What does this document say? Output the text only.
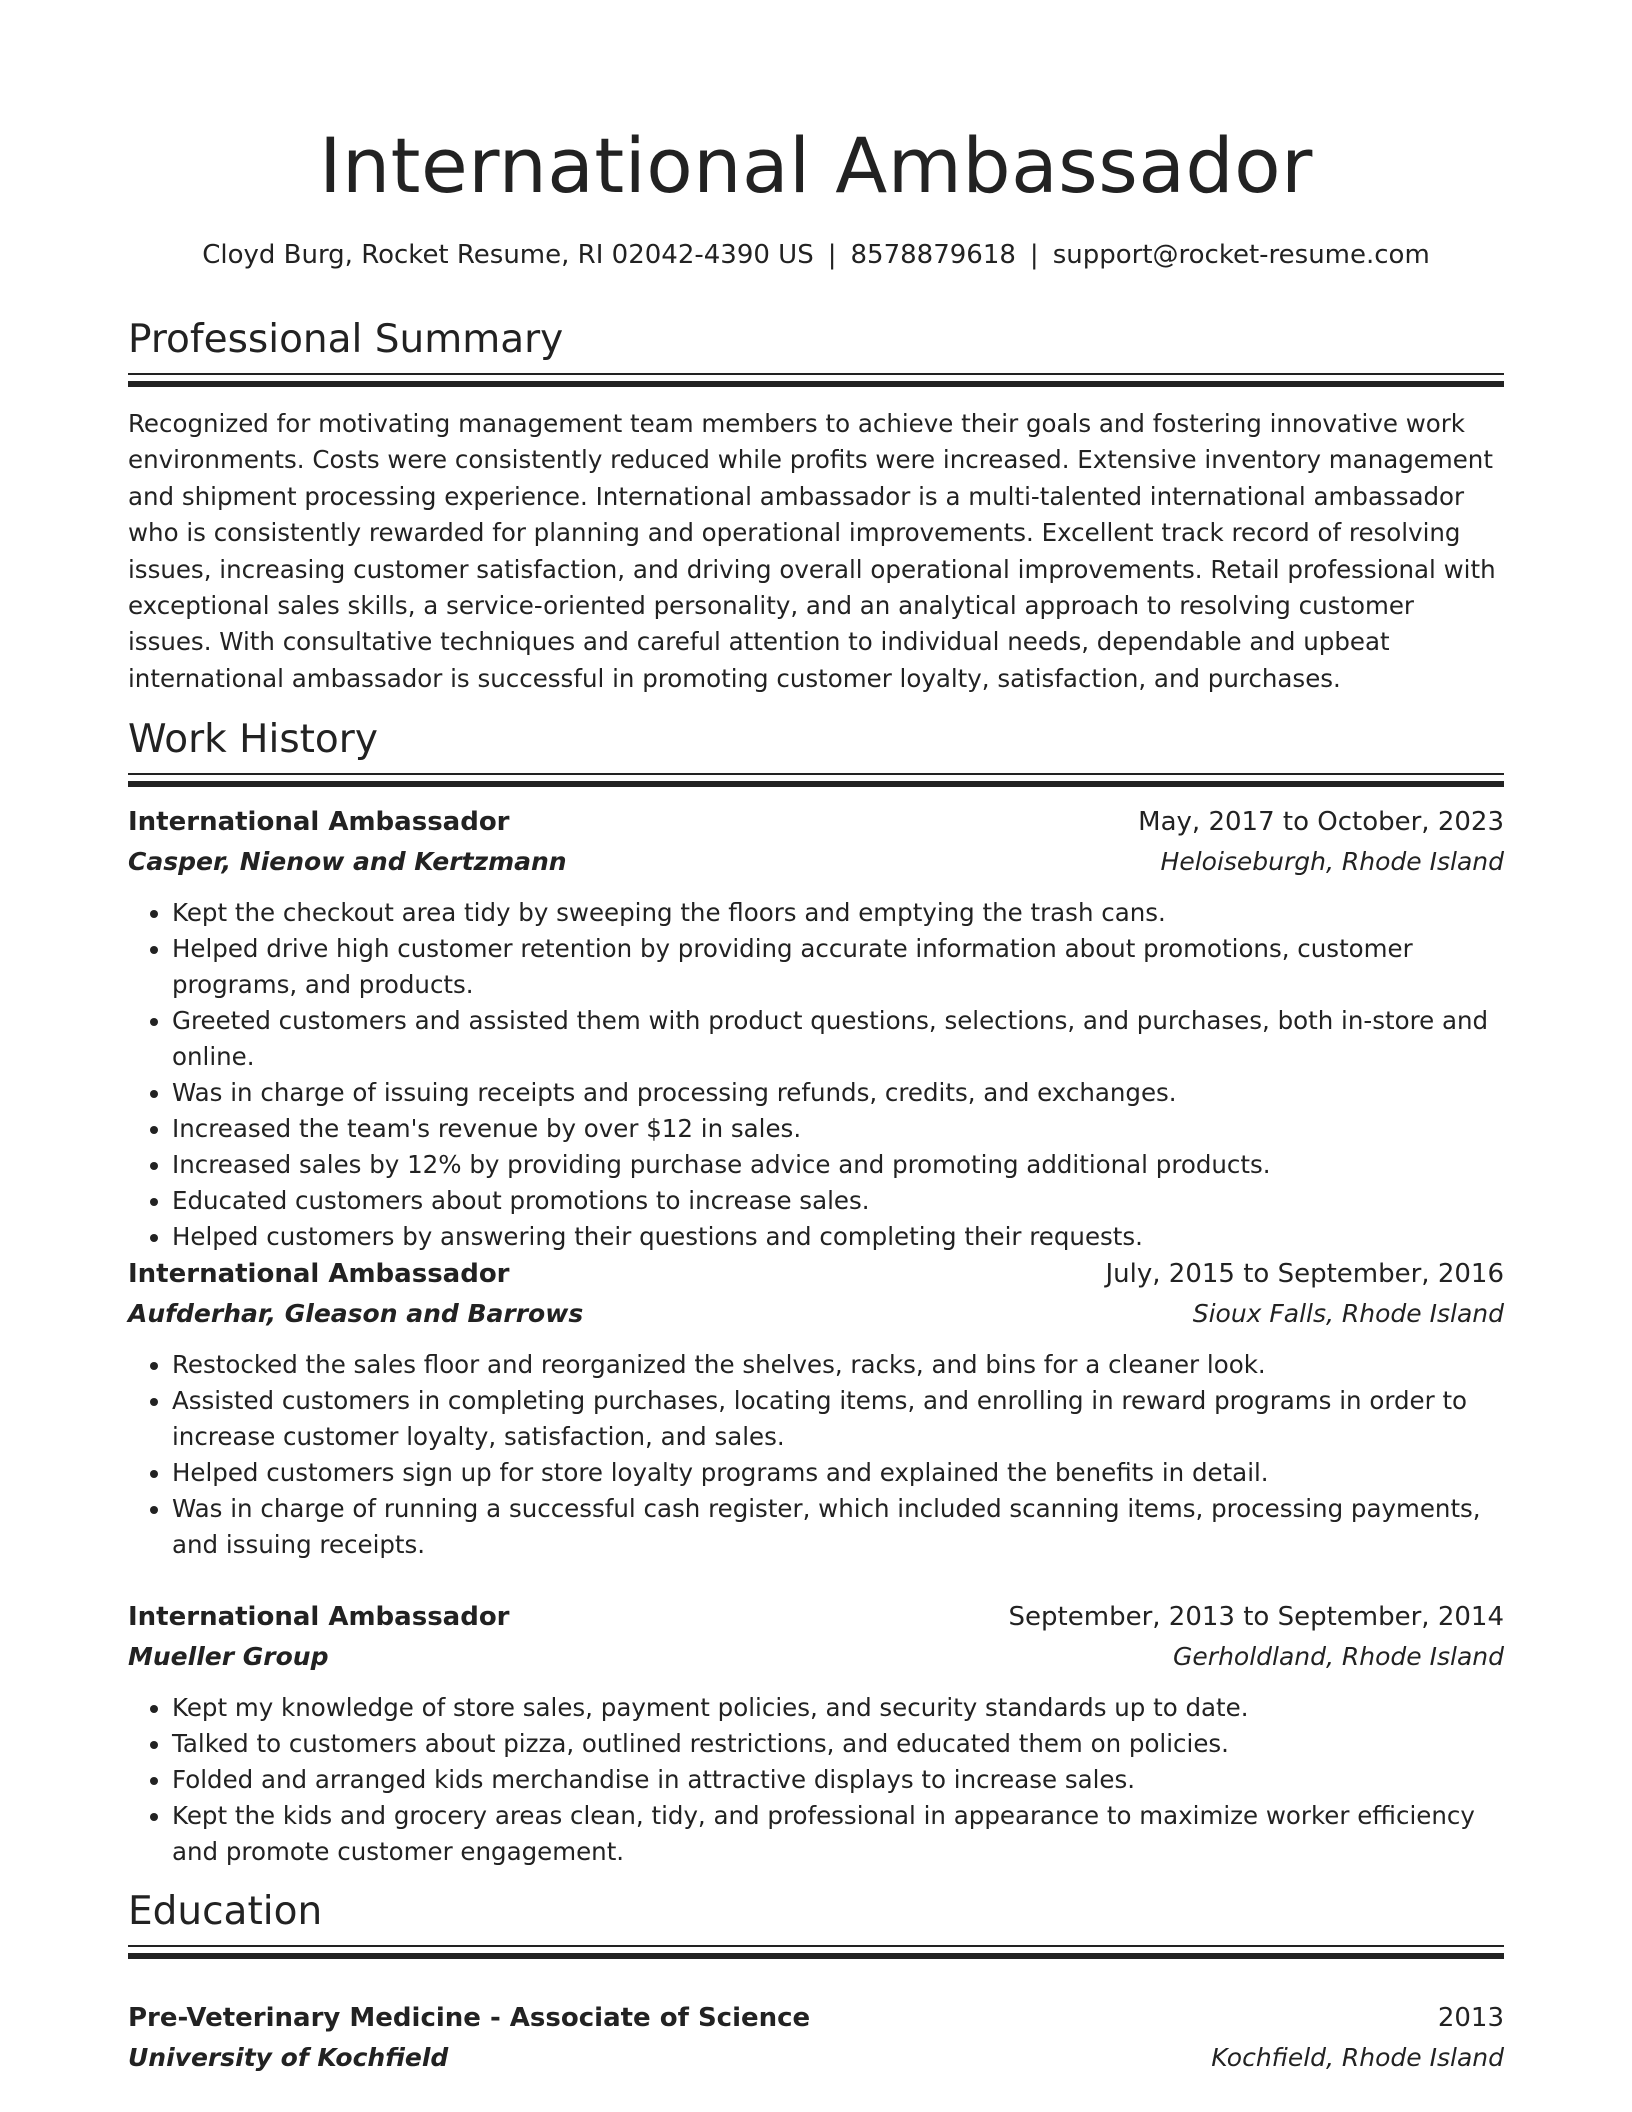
International Ambassador
Cloyd Burg, Rocket Resume, RI 02042-4390 US | 8578879618 | support@rocket-resume.com
Professional Summary

Recognized for motivating management team members to achieve their goals and fostering innovative work environments. Costs were consistently reduced while profits were increased. Extensive inventory management and shipment processing experience. International ambassador is a multi-talented international ambassador who is consistently rewarded for planning and operational improvements. Excellent track record of resolving issues, increasing customer satisfaction, and driving overall operational improvements. Retail professional with exceptional sales skills, a service-oriented personality, and an analytical approach to resolving customer issues. With consultative techniques and careful attention to individual needs, dependable and upbeat international ambassador is successful in promoting customer loyalty, satisfaction, and purchases.

Work History
International Ambassador	May, 2017 to October, 2023
Casper, Nienow and Kertzmann	Heloiseburgh, Rhode Island
• Kept the checkout area tidy by sweeping the floors and emptying the trash cans.
• Helped drive high customer retention by providing accurate information about promotions, customer programs, and products.
• Greeted customers and assisted them with product questions, selections, and purchases, both in-store and online.
• Was in charge of issuing receipts and processing refunds, credits, and exchanges.
• Increased the team's revenue by over $12 in sales.
• Increased sales by 12% by providing purchase advice and promoting additional products.
• Educated customers about promotions to increase sales.
• Helped customers by answering their questions and completing their requests.
International Ambassador	July, 2015 to September, 2016
Aufderhar, Gleason and Barrows	Sioux Falls, Rhode Island
• Restocked the sales floor and reorganized the shelves, racks, and bins for a cleaner look.
• Assisted customers in completing purchases, locating items, and enrolling in reward programs in order to increase customer loyalty, satisfaction, and sales.
• Helped customers sign up for store loyalty programs and explained the benefits in detail.
• Was in charge of running a successful cash register, which included scanning items, processing payments, and issuing receipts.
International Ambassador	September, 2013 to September, 2014
Mueller Group	Gerholdland, Rhode Island
• Kept my knowledge of store sales, payment policies, and security standards up to date.
• Talked to customers about pizza, outlined restrictions, and educated them on policies.
• Folded and arranged kids merchandise in attractive displays to increase sales.
• Kept the kids and grocery areas clean, tidy, and professional in appearance to maximize worker efficiency and promote customer engagement.
Education
Pre-Veterinary Medicine - Associate of Science	2013
University of Kochfield	Kochfield, Rhode Island
